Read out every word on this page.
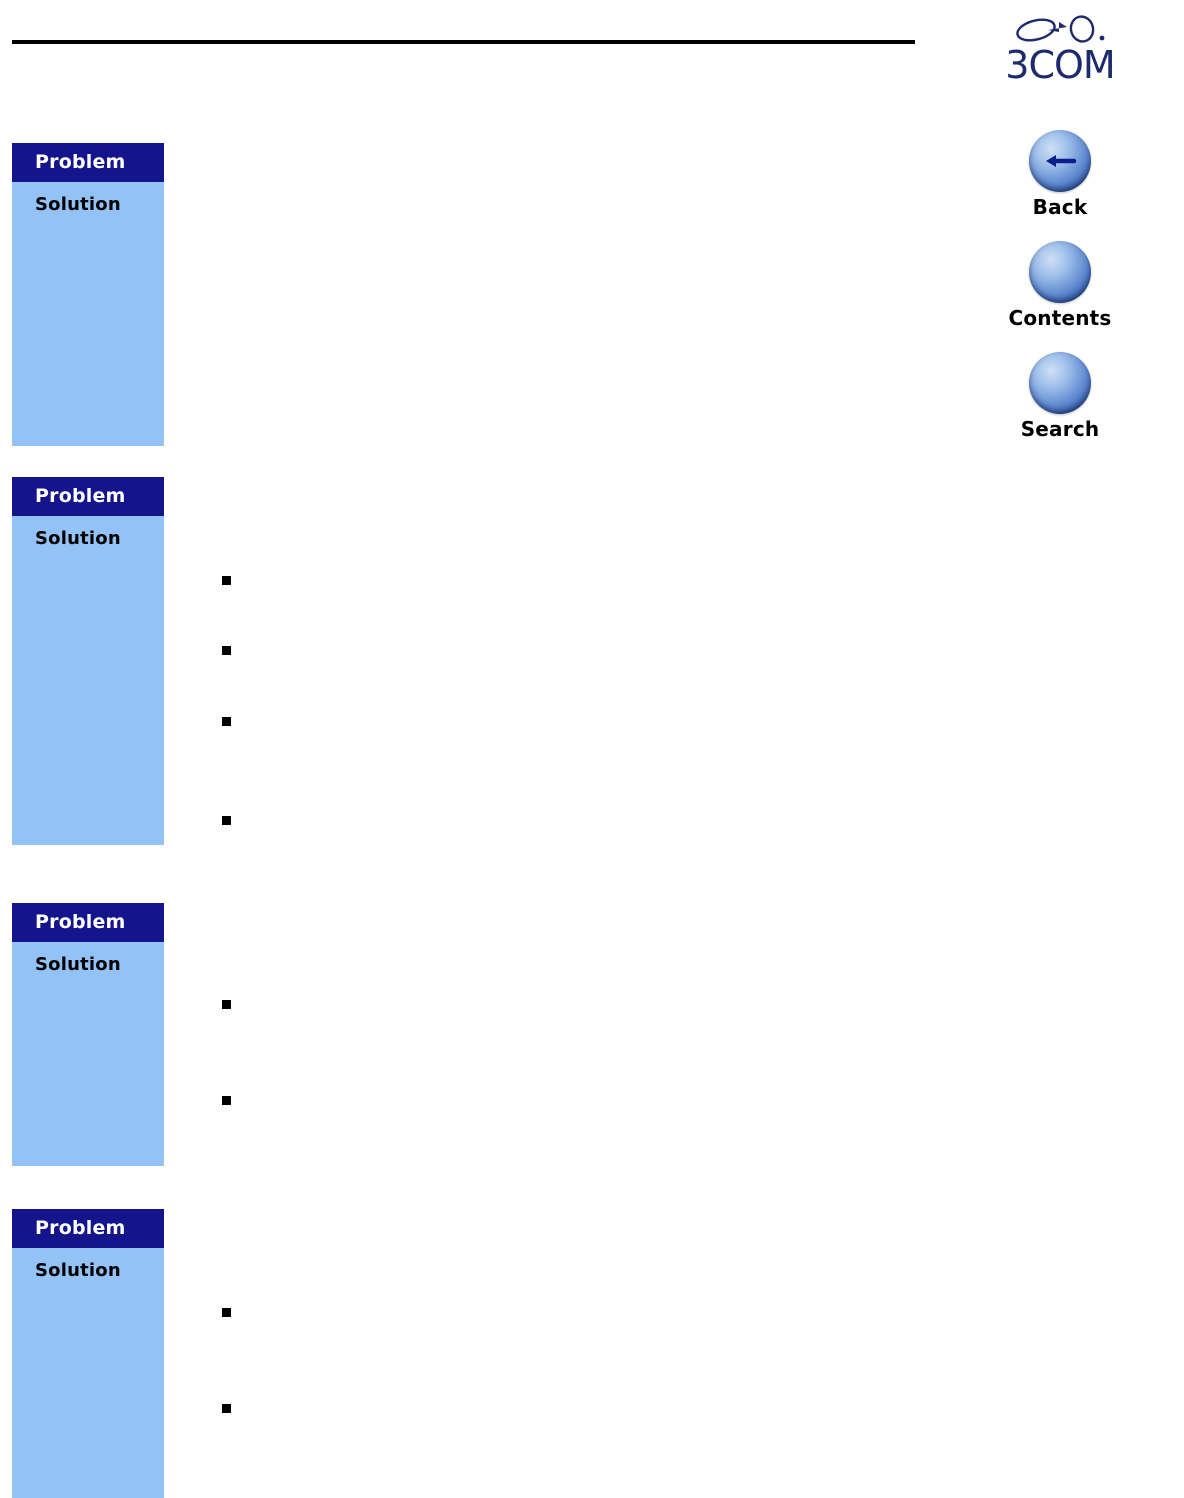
3COM
Back
Contents
Search
Problem
Solution
Problem
Solution
Problem
Solution
Problem
Solution
